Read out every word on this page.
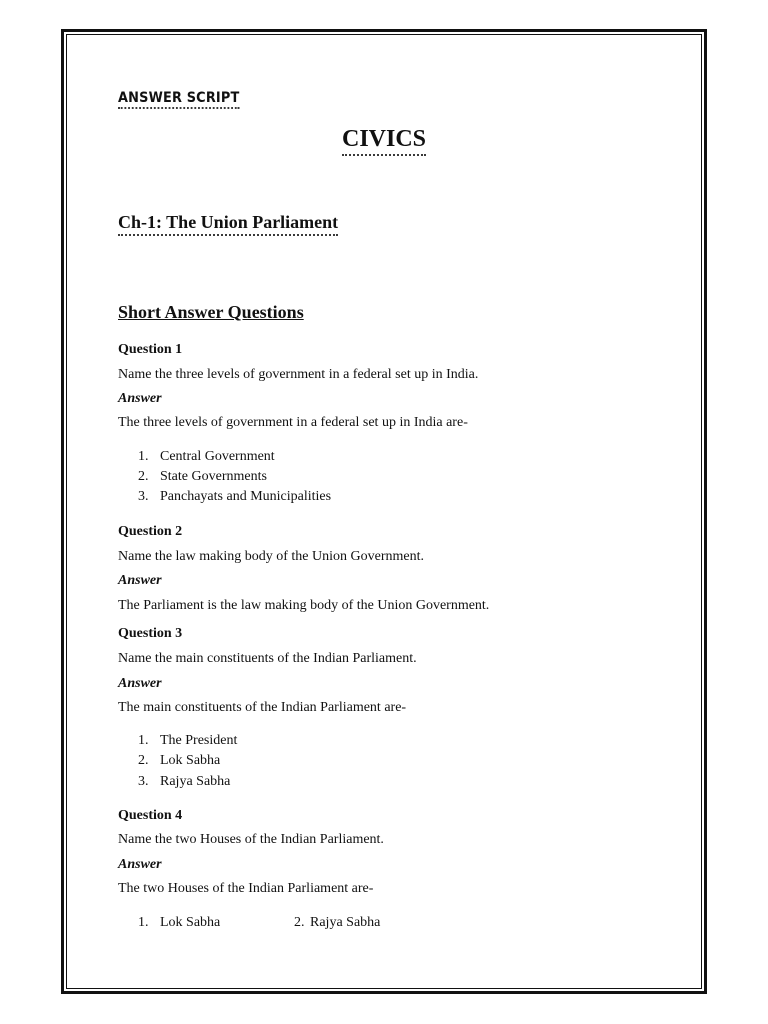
ANSWER SCRIPT
CIVICS
Ch-1: The Union Parliament
Short Answer Questions
Question 1
Name the three levels of government in a federal set up in India.
Answer
The three levels of government in a federal set up in India are-
1. Central Government
2. State Governments
3. Panchayats and Municipalities
Question 2
Name the law making body of the Union Government.
Answer
The Parliament is the law making body of the Union Government.
Question 3
Name the main constituents of the Indian Parliament.
Answer
The main constituents of the Indian Parliament are-
1. The President
2. Lok Sabha
3. Rajya Sabha
Question 4
Name the two Houses of the Indian Parliament.
Answer
The two Houses of the Indian Parliament are-
1. Lok Sabha	2. Rajya Sabha
